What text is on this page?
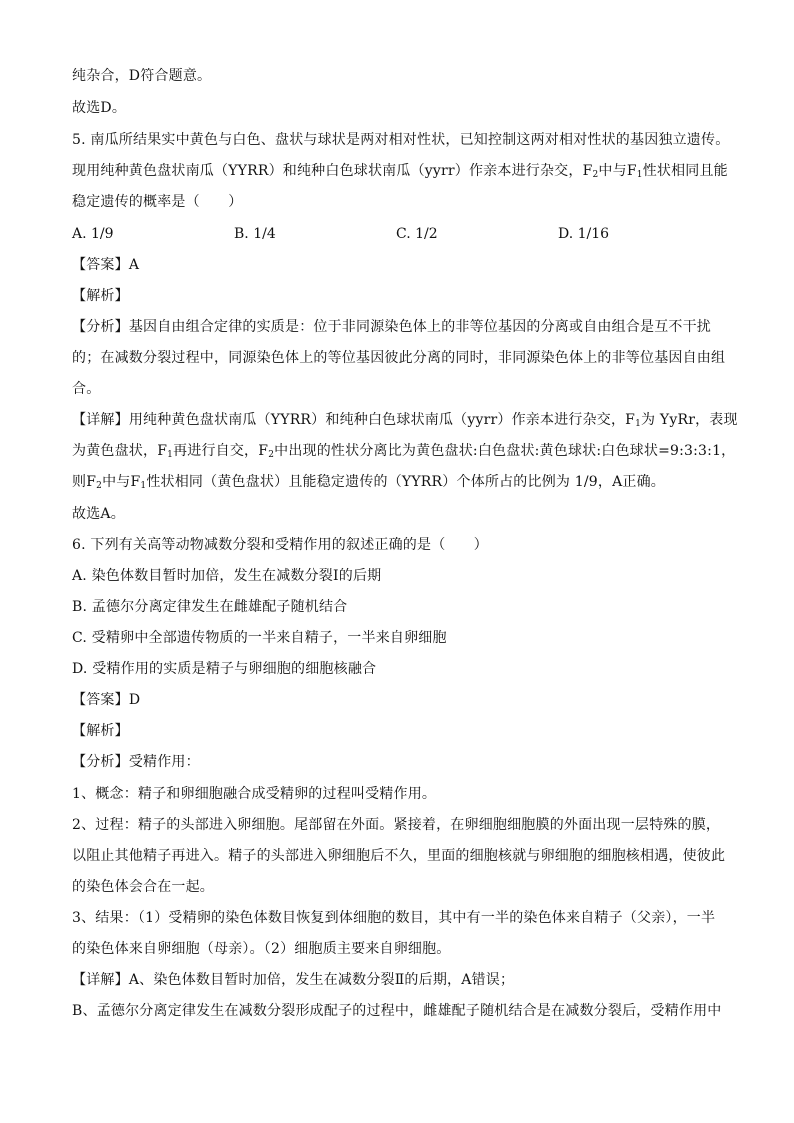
纯杂合，D符合题意。
故选D。
5. 南瓜所结果实中黄色与白色、盘状与球状是两对相对性状，已知控制这两对相对性状的基因独立遗传。
现用纯种黄色盘状南瓜（YYRR）和纯种白色球状南瓜（yyrr）作亲本进行杂交，$F_2$中与$F_1$性状相同且能
稳定遗传的概率是（　　）
A. 1/9	B. 1/4	C. 1/2	D. 1/16
【答案】A
【解析】
【分析】基因自由组合定律的实质是：位于非同源染色体上的非等位基因的分离或自由组合是互不干扰
的；在减数分裂过程中，同源染色体上的等位基因彼此分离的同时，非同源染色体上的非等位基因自由组
合。
【详解】用纯种黄色盘状南瓜（YYRR）和纯种白色球状南瓜（yyrr）作亲本进行杂交，$F_1$为 YyRr，表现
为黄色盘状，$F_1$再进行自交，$F_2$中出现的性状分离比为黄色盘状:白色盘状:黄色球状:白色球状=9:3:3:1，
则$F_2$中与$F_1$性状相同（黄色盘状）且能稳定遗传的（YYRR）个体所占的比例为 1/9，A正确。
故选A。
6. 下列有关高等动物减数分裂和受精作用的叙述正确的是（　　）
A. 染色体数目暂时加倍，发生在减数分裂Ⅰ的后期
B. 孟德尔分离定律发生在雌雄配子随机结合
C. 受精卵中全部遗传物质的一半来自精子，一半来自卵细胞
D. 受精作用的实质是精子与卵细胞的细胞核融合
【答案】D
【解析】
【分析】受精作用：
1、概念：精子和卵细胞融合成受精卵的过程叫受精作用。
2、过程：精子的头部进入卵细胞。尾部留在外面。紧接着，在卵细胞细胞膜的外面出现一层特殊的膜，
以阻止其他精子再进入。精子的头部进入卵细胞后不久，里面的细胞核就与卵细胞的细胞核相遇，使彼此
的染色体会合在一起。
3、结果：（1）受精卵的染色体数目恢复到体细胞的数目，其中有一半的染色体来自精子（父亲），一半
的染色体来自卵细胞（母亲）。（2）细胞质主要来自卵细胞。
【详解】A、染色体数目暂时加倍，发生在减数分裂Ⅱ的后期，A错误；
B、孟德尔分离定律发生在减数分裂形成配子的过程中，雌雄配子随机结合是在减数分裂后，受精作用中
